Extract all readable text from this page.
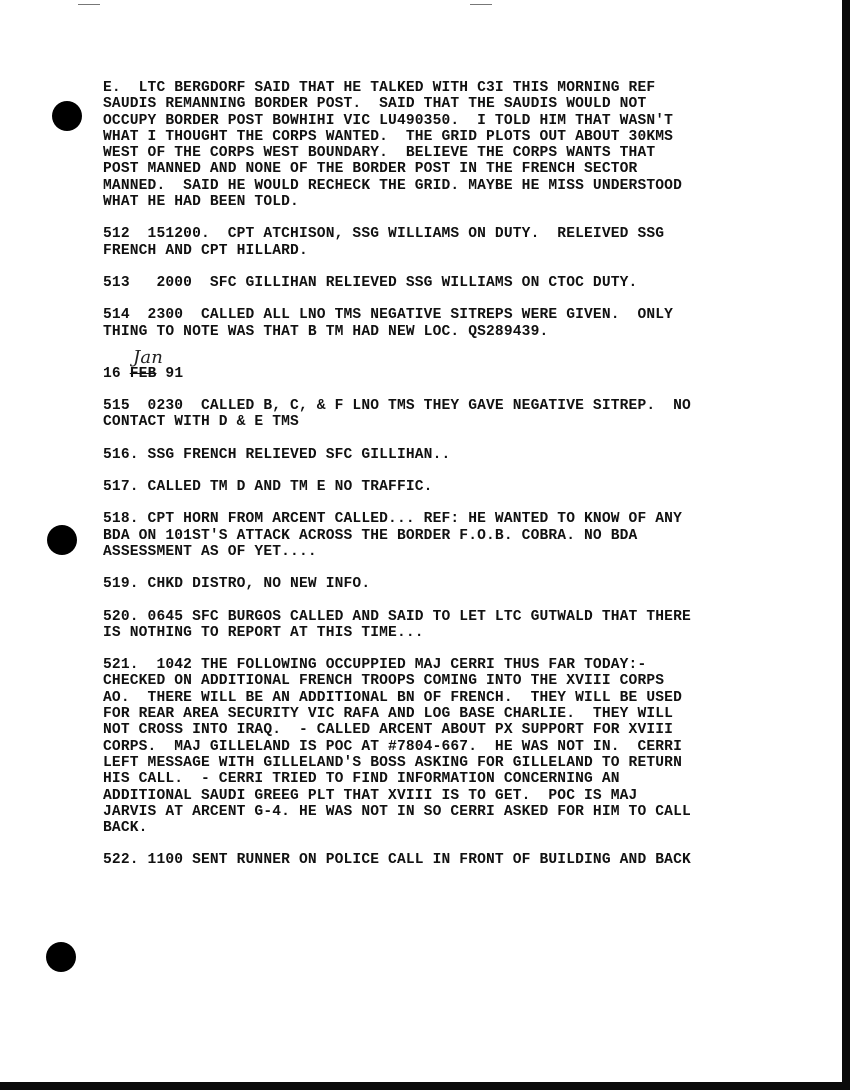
E.  LTC BERGDORF SAID THAT HE TALKED WITH C3I THIS MORNING REF
SAUDIS REMANNING BORDER POST.  SAID THAT THE SAUDIS WOULD NOT
OCCUPY BORDER POST BOWHIHI VIC LU490350.  I TOLD HIM THAT WASN'T
WHAT I THOUGHT THE CORPS WANTED.  THE GRID PLOTS OUT ABOUT 30KMS
WEST OF THE CORPS WEST BOUNDARY.  BELIEVE THE CORPS WANTS THAT
POST MANNED AND NONE OF THE BORDER POST IN THE FRENCH SECTOR
MANNED.  SAID HE WOULD RECHECK THE GRID. MAYBE HE MISS UNDERSTOOD
WHAT HE HAD BEEN TOLD.

512  151200.  CPT ATCHISON, SSG WILLIAMS ON DUTY.  RELEIVED SSG
FRENCH AND CPT HILLARD.

513   2000  SFC GILLIHAN RELIEVED SSG WILLIAMS ON CTOC DUTY.

514  2300  CALLED ALL LNO TMS NEGATIVE SITREPS WERE GIVEN.  ONLY
THING TO NOTE WAS THAT B TM HAD NEW LOC. QS289439.

16 FEB 91
Jan

515  0230  CALLED B, C, & F LNO TMS THEY GAVE NEGATIVE SITREP.  NO
CONTACT WITH D & E TMS

516. SSG FRENCH RELIEVED SFC GILLIHAN..

517. CALLED TM D AND TM E NO TRAFFIC.

518. CPT HORN FROM ARCENT CALLED... REF: HE WANTED TO KNOW OF ANY
BDA ON 101ST'S ATTACK ACROSS THE BORDER F.O.B. COBRA. NO BDA
ASSESSMENT AS OF YET....

519. CHKD DISTRO, NO NEW INFO.

520. 0645 SFC BURGOS CALLED AND SAID TO LET LTC GUTWALD THAT THERE
IS NOTHING TO REPORT AT THIS TIME...

521.  1042 THE FOLLOWING OCCUPPIED MAJ CERRI THUS FAR TODAY:-
CHECKED ON ADDITIONAL FRENCH TROOPS COMING INTO THE XVIII CORPS
AO.  THERE WILL BE AN ADDITIONAL BN OF FRENCH.  THEY WILL BE USED
FOR REAR AREA SECURITY VIC RAFA AND LOG BASE CHARLIE.  THEY WILL
NOT CROSS INTO IRAQ.  - CALLED ARCENT ABOUT PX SUPPORT FOR XVIII
CORPS.  MAJ GILLELAND IS POC AT #7804-667.  HE WAS NOT IN.  CERRI
LEFT MESSAGE WITH GILLELAND'S BOSS ASKING FOR GILLELAND TO RETURN
HIS CALL.  - CERRI TRIED TO FIND INFORMATION CONCERNING AN
ADDITIONAL SAUDI GREEG PLT THAT XVIII IS TO GET.  POC IS MAJ
JARVIS AT ARCENT G-4. HE WAS NOT IN SO CERRI ASKED FOR HIM TO CALL
BACK.

522. 1100 SENT RUNNER ON POLICE CALL IN FRONT OF BUILDING AND BACK
